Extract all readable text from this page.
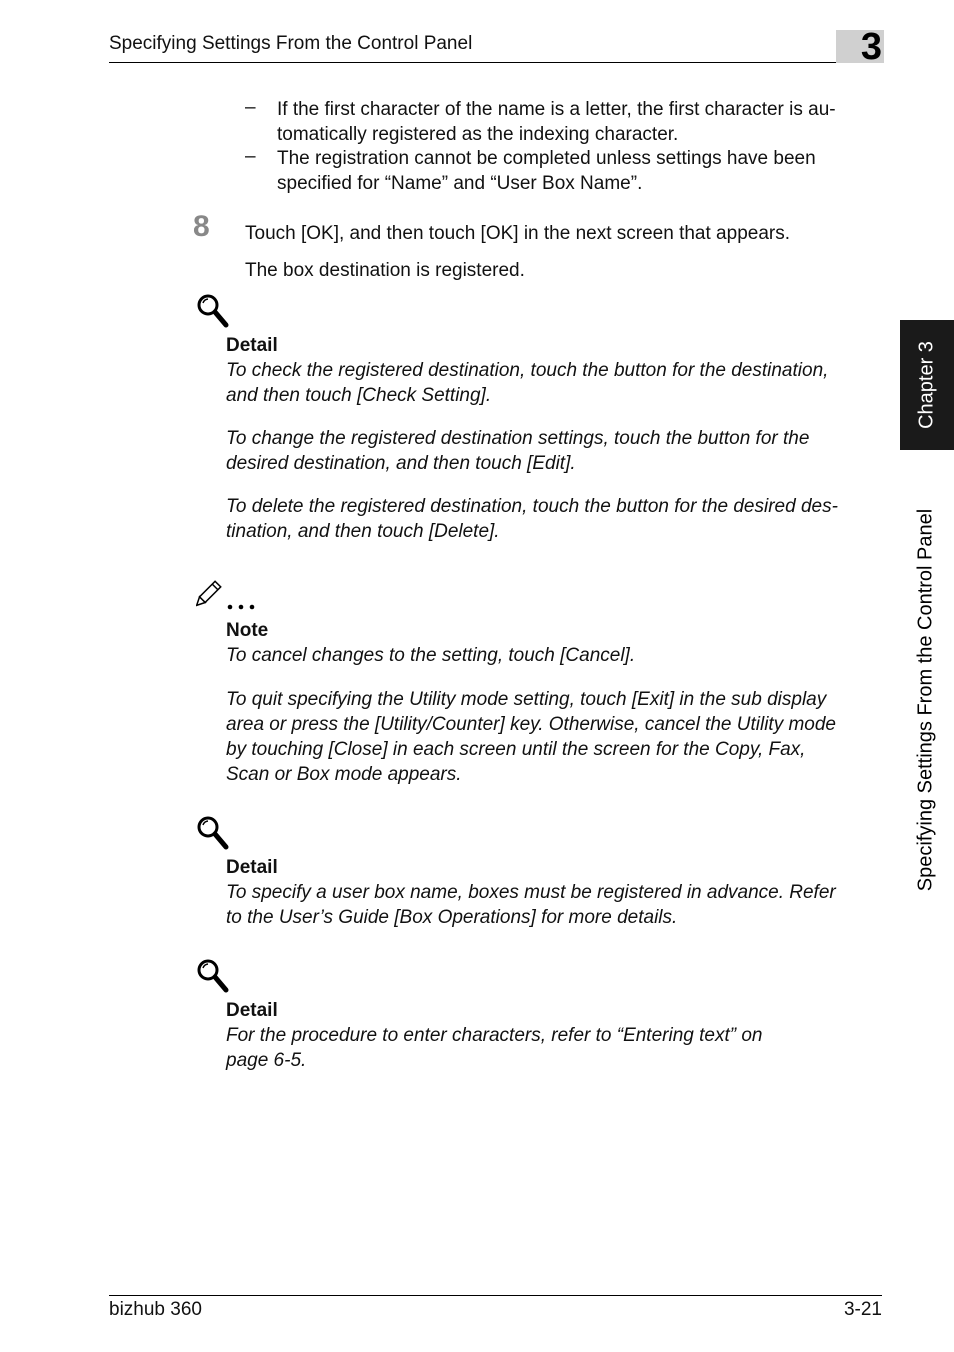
Specifying Settings From the Control Panel	3
– If the first character of the name is a letter, the first character is au-
tomatically registered as the indexing character.

– The registration cannot be completed unless settings have been
specified for “Name” and “User Box Name”.

8 Touch [OK], and then touch [OK] in the next screen that appears.

The box destination is registered.

Detail

To check the registered destination, touch the button for the destination,
and then touch [Check Setting].

To change the registered destination settings, touch the button for the
desired destination, and then touch [Edit].

To delete the registered destination, touch the button for the desired des-
tination, and then touch [Delete].

Note

To cancel changes to the setting, touch [Cancel].

To quit specifying the Utility mode setting, touch [Exit] in the sub display
area or press the [Utility/Counter] key. Otherwise, cancel the Utility mode
by touching [Close] in each screen until the screen for the Copy, Fax,
Scan or Box mode appears.

Detail

To specify a user box name, boxes must be registered in advance. Refer
to the User’s Guide [Box Operations] for more details.

Detail

For the procedure to enter characters, refer to “Entering text” on
page 6-5.

Chapter 3
Specifying Settings From the Control Panel
bizhub 360	3-21
